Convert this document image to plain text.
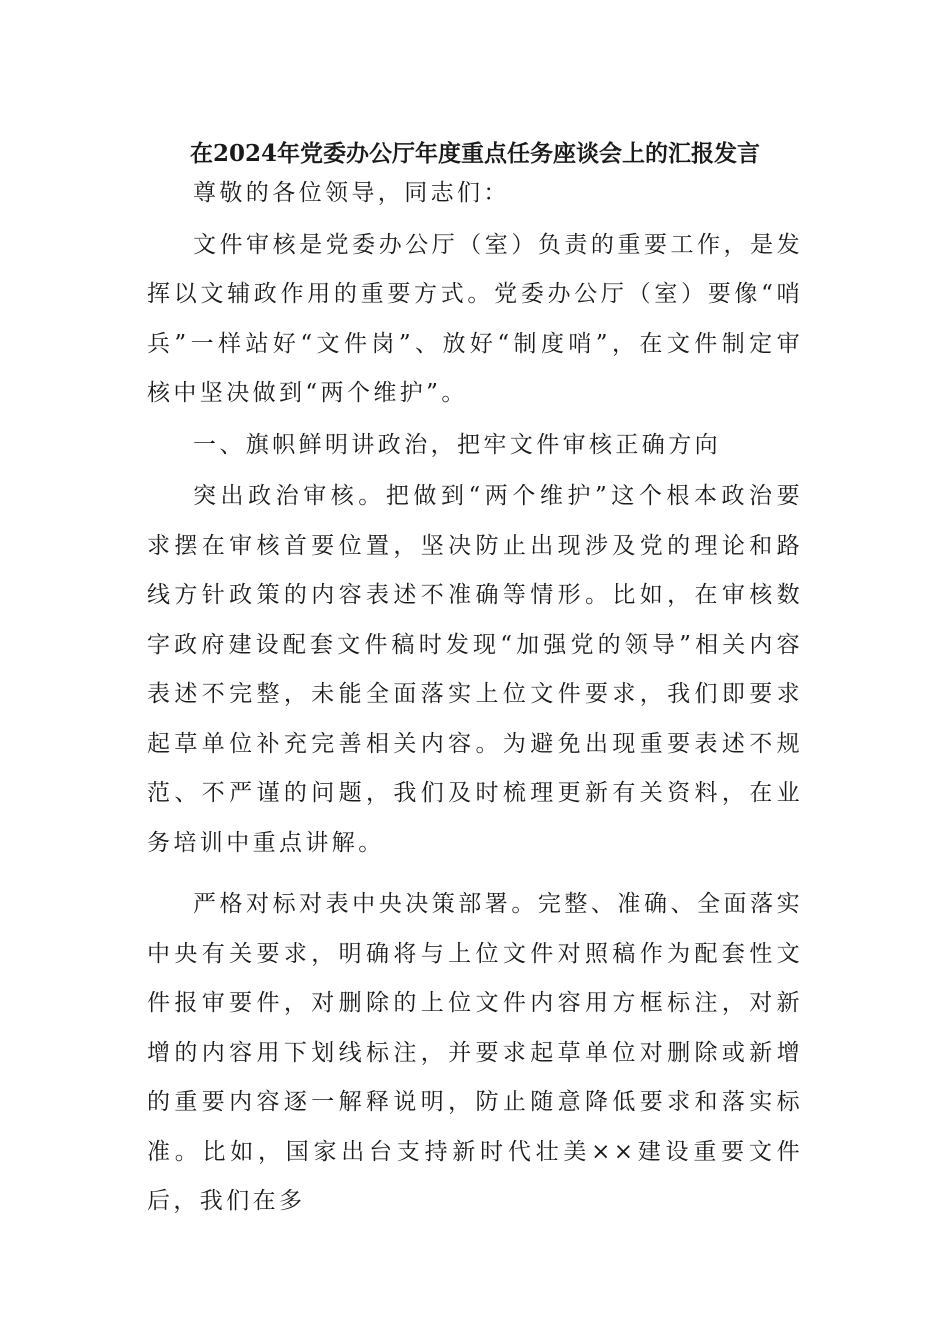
在2024年党委办公厅年度重点任务座谈会上的汇报发言

尊敬的各位领导，同志们：

文件审核是党委办公厅（室）负责的重要工作，是发挥以文辅政作用的重要方式。党委办公厅（室）要像“哨兵”一样站好“文件岗”、放好“制度哨”，在文件制定审核中坚决做到“两个维护”。

一、旗帜鲜明讲政治，把牢文件审核正确方向

突出政治审核。把做到“两个维护”这个根本政治要求摆在审核首要位置，坚决防止出现涉及党的理论和路线方针政策的内容表述不准确等情形。比如，在审核数字政府建设配套文件稿时发现“加强党的领导”相关内容表述不完整，未能全面落实上位文件要求，我们即要求起草单位补充完善相关内容。为避免出现重要表述不规范、不严谨的问题，我们及时梳理更新有关资料，在业务培训中重点讲解。

严格对标对表中央决策部署。完整、准确、全面落实中央有关要求，明确将与上位文件对照稿作为配套性文件报审要件，对删除的上位文件内容用方框标注，对新增的内容用下划线标注，并要求起草单位对删除或新增的重要内容逐一解释说明，防止随意降低要求和落实标准。比如，国家出台支持新时代壮美××建设重要文件后，我们在多
